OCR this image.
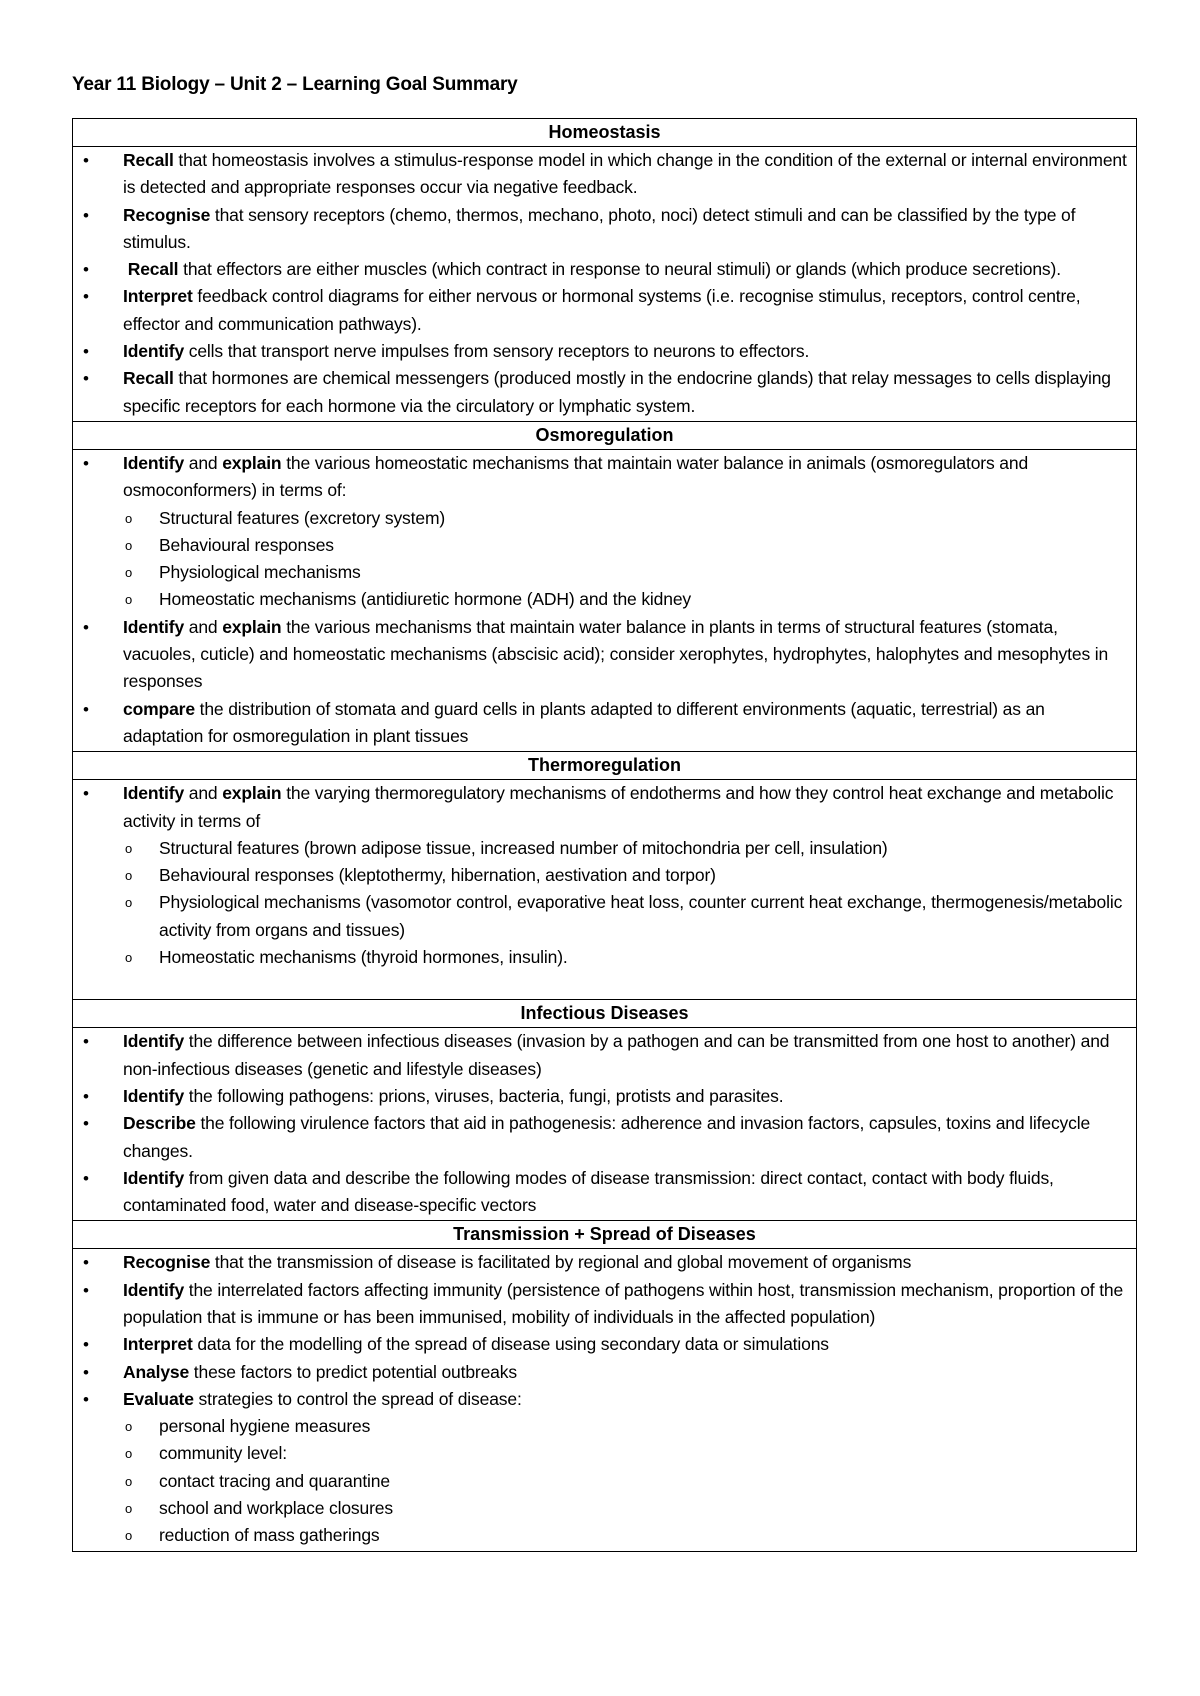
Year 11 Biology – Unit 2 – Learning Goal Summary
Homeostasis
• Recall that homeostasis involves a stimulus-response model in which change in the condition of the external or internal environment is detected and appropriate responses occur via negative feedback.
• Recognise that sensory receptors (chemo, thermos, mechano, photo, noci) detect stimuli and can be classified by the type of stimulus.
• Recall that effectors are either muscles (which contract in response to neural stimuli) or glands (which produce secretions).
• Interpret feedback control diagrams for either nervous or hormonal systems (i.e. recognise stimulus, receptors, control centre, effector and communication pathways).
• Identify cells that transport nerve impulses from sensory receptors to neurons to effectors.
• Recall that hormones are chemical messengers (produced mostly in the endocrine glands) that relay messages to cells displaying specific receptors for each hormone via the circulatory or lymphatic system.
Osmoregulation
• Identify and explain the various homeostatic mechanisms that maintain water balance in animals (osmoregulators and osmoconformers) in terms of:
o Structural features (excretory system)
o Behavioural responses
o Physiological mechanisms
o Homeostatic mechanisms (antidiuretic hormone (ADH) and the kidney
• Identify and explain the various mechanisms that maintain water balance in plants in terms of structural features (stomata, vacuoles, cuticle) and homeostatic mechanisms (abscisic acid); consider xerophytes, hydrophytes, halophytes and mesophytes in responses
• compare the distribution of stomata and guard cells in plants adapted to different environments (aquatic, terrestrial) as an adaptation for osmoregulation in plant tissues
Thermoregulation
• Identify and explain the varying thermoregulatory mechanisms of endotherms and how they control heat exchange and metabolic activity in terms of
o Structural features (brown adipose tissue, increased number of mitochondria per cell, insulation)
o Behavioural responses (kleptothermy, hibernation, aestivation and torpor)
o Physiological mechanisms (vasomotor control, evaporative heat loss, counter current heat exchange, thermogenesis/metabolic activity from organs and tissues)
o Homeostatic mechanisms (thyroid hormones, insulin).
Infectious Diseases
• Identify the difference between infectious diseases (invasion by a pathogen and can be transmitted from one host to another) and non-infectious diseases (genetic and lifestyle diseases)
• Identify the following pathogens: prions, viruses, bacteria, fungi, protists and parasites.
• Describe the following virulence factors that aid in pathogenesis: adherence and invasion factors, capsules, toxins and lifecycle changes.
• Identify from given data and describe the following modes of disease transmission: direct contact, contact with body fluids, contaminated food, water and disease-specific vectors
Transmission + Spread of Diseases
• Recognise that the transmission of disease is facilitated by regional and global movement of organisms
• Identify the interrelated factors affecting immunity (persistence of pathogens within host, transmission mechanism, proportion of the population that is immune or has been immunised, mobility of individuals in the affected population)
• Interpret data for the modelling of the spread of disease using secondary data or simulations
• Analyse these factors to predict potential outbreaks
• Evaluate strategies to control the spread of disease:
o personal hygiene measures
o community level:
o contact tracing and quarantine
o school and workplace closures
o reduction of mass gatherings
